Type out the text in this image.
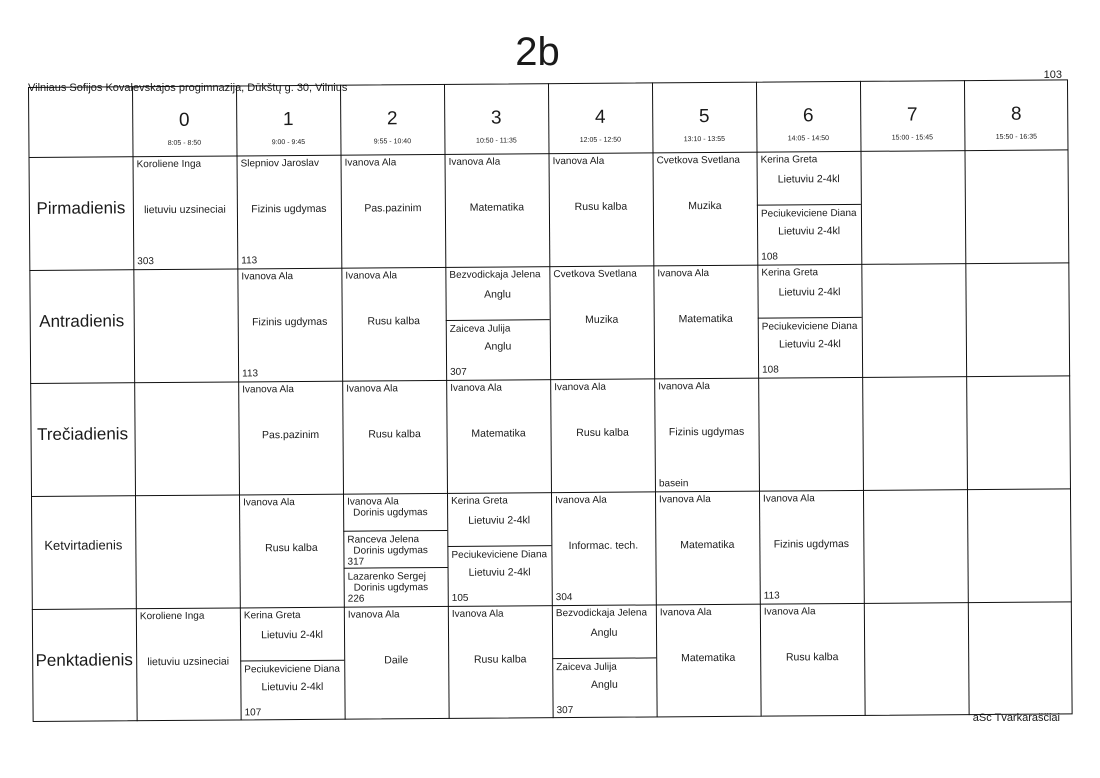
2b
Vilniaus Sofijos Kovalevskajos progimnazija, Dūkštų g. 30, Vilnius
103
0
8:05 - 8:50
1
9:00 - 9:45
2
9:55 - 10:40
3
10:50 - 11:35
4
12:05 - 12:50
5
13:10 - 13:55
6
14:05 - 14:50
7
15:00 - 15:45
8
15:50 - 16:35
Pirmadienis
Koroliene Inga
lietuviu uzsineciai
303
Slepniov Jaroslav
Fizinis ugdymas
113
Ivanova Ala
Pas.pazinim
Ivanova Ala
Matematika
Ivanova Ala
Rusu kalba
Cvetkova Svetlana
Muzika
Kerina Greta
Lietuviu 2-4kl
Peciukeviciene Diana
Lietuviu 2-4kl
108
Antradienis
Ivanova Ala
Fizinis ugdymas
113
Ivanova Ala
Rusu kalba
Bezvodickaja Jelena
Anglu
Zaiceva Julija
Anglu
307
Cvetkova Svetlana
Muzika
Ivanova Ala
Matematika
Kerina Greta
Lietuviu 2-4kl
Peciukeviciene Diana
Lietuviu 2-4kl
108
Trečiadienis
Ivanova Ala
Pas.pazinim
Ivanova Ala
Rusu kalba
Ivanova Ala
Matematika
Ivanova Ala
Rusu kalba
Ivanova Ala
Fizinis ugdymas
basein
Ketvirtadienis
Ivanova Ala
Rusu kalba
Ivanova Ala
Dorinis ugdymas
Ranceva Jelena
Dorinis ugdymas
317
Lazarenko Sergej
Dorinis ugdymas
226
Kerina Greta
Lietuviu 2-4kl
Peciukeviciene Diana
Lietuviu 2-4kl
105
Ivanova Ala
Informac. tech.
304
Ivanova Ala
Matematika
Ivanova Ala
Fizinis ugdymas
113
Penktadienis
Koroliene Inga
lietuviu uzsineciai
Kerina Greta
Lietuviu 2-4kl
Peciukeviciene Diana
Lietuviu 2-4kl
107
Ivanova Ala
Daile
Ivanova Ala
Rusu kalba
Bezvodickaja Jelena
Anglu
Zaiceva Julija
Anglu
307
Ivanova Ala
Matematika
Ivanova Ala
Rusu kalba
aSc Tvarkaraščiai
